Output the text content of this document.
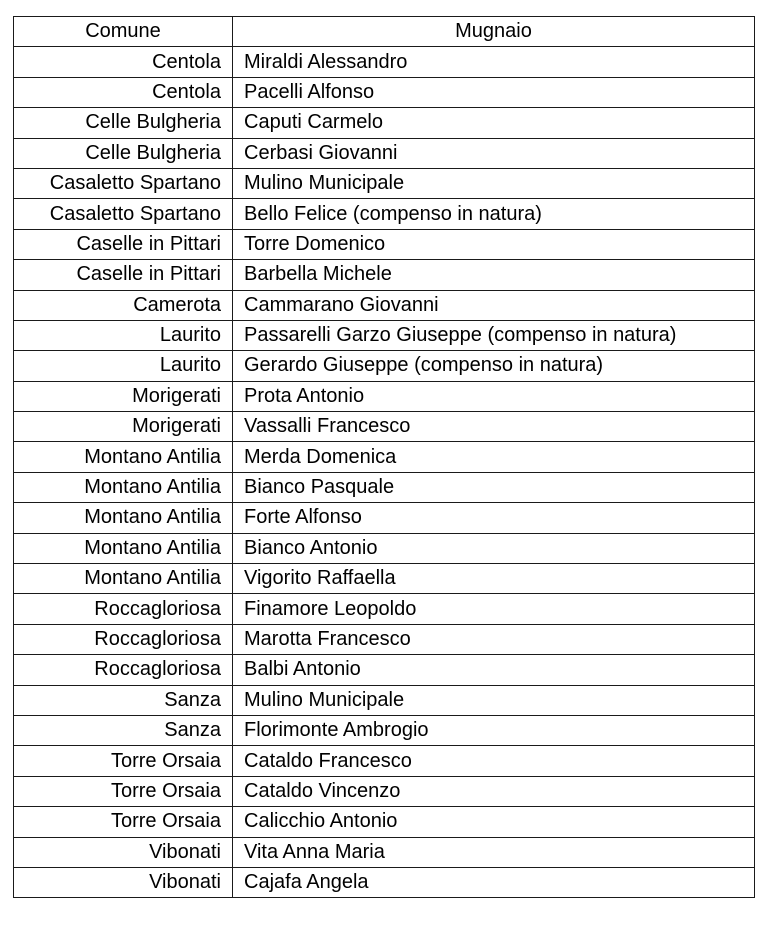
Comune	Mugnaio
Centola	Miraldi Alessandro
Centola	Pacelli Alfonso
Celle Bulgheria	Caputi Carmelo
Celle Bulgheria	Cerbasi Giovanni
Casaletto Spartano	Mulino Municipale
Casaletto Spartano	Bello Felice (compenso in natura)
Caselle in Pittari	Torre Domenico
Caselle in Pittari	Barbella Michele
Camerota	Cammarano Giovanni
Laurito	Passarelli Garzo Giuseppe (compenso in natura)
Laurito	Gerardo Giuseppe (compenso in natura)
Morigerati	Prota Antonio
Morigerati	Vassalli Francesco
Montano Antilia	Merda Domenica
Montano Antilia	Bianco Pasquale
Montano Antilia	Forte Alfonso
Montano Antilia	Bianco Antonio
Montano Antilia	Vigorito Raffaella
Roccagloriosa	Finamore Leopoldo
Roccagloriosa	Marotta Francesco
Roccagloriosa	Balbi Antonio
Sanza	Mulino Municipale
Sanza	Florimonte Ambrogio
Torre Orsaia	Cataldo Francesco
Torre Orsaia	Cataldo Vincenzo
Torre Orsaia	Calicchio Antonio
Vibonati	Vita Anna Maria
Vibonati	Cajafa Angela
